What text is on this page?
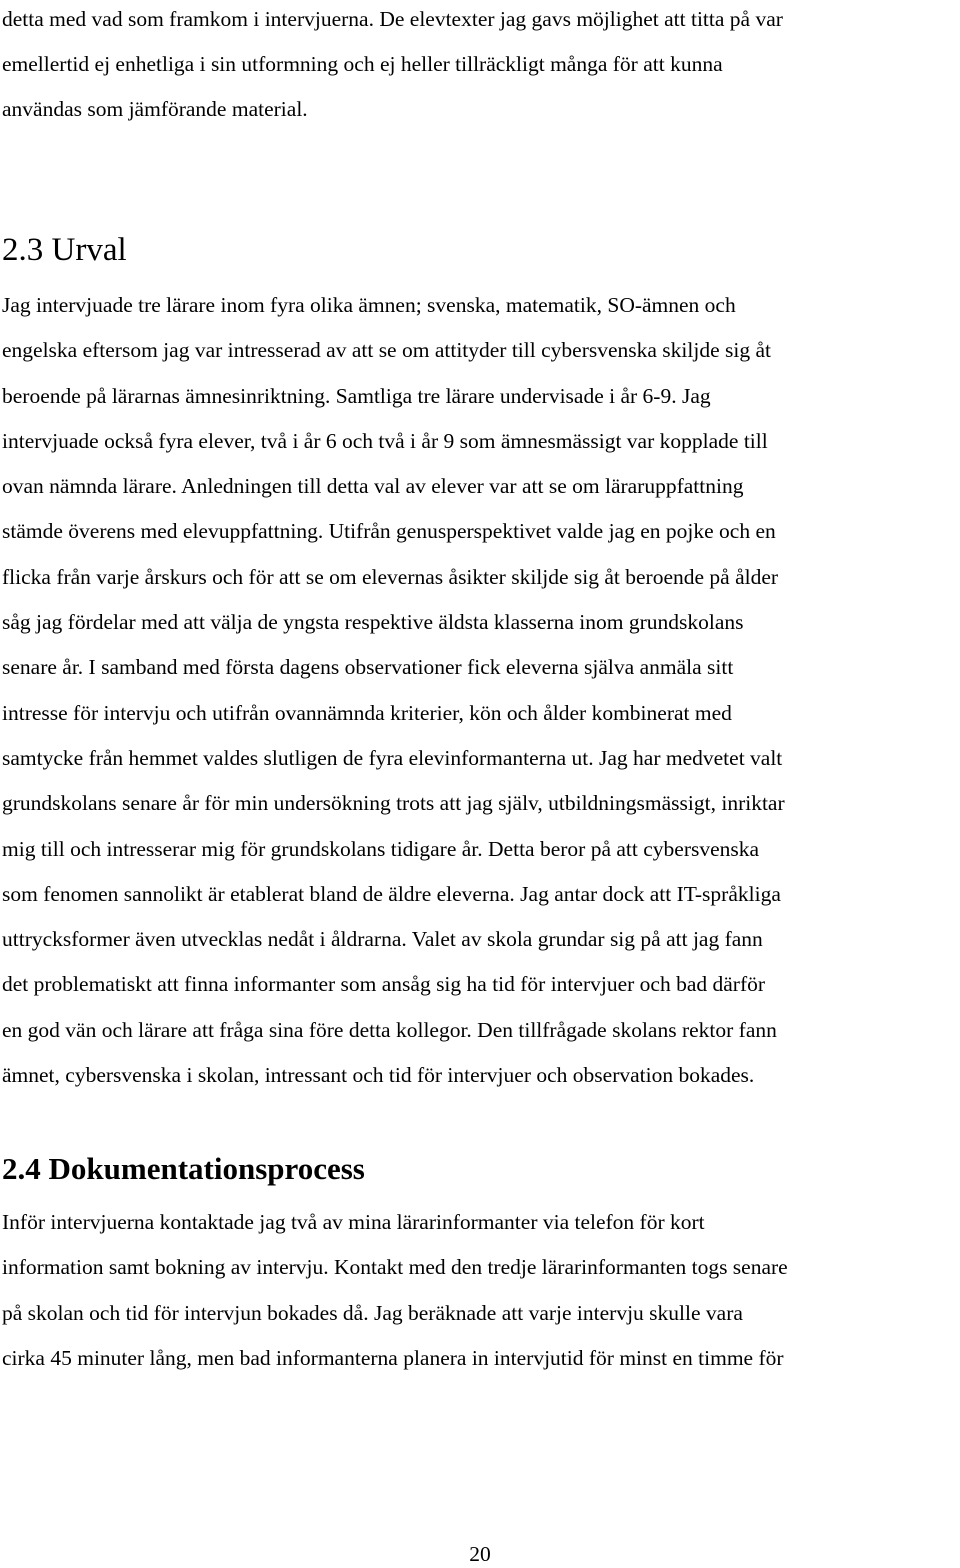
detta med vad som framkom i intervjuerna. De elevtexter jag gavs möjlighet att titta på var
emellertid ej enhetliga i sin utformning och ej heller tillräckligt många för att kunna
användas som jämförande material.
2.3 Urval
Jag intervjuade tre lärare inom fyra olika ämnen; svenska, matematik, SO-ämnen och
engelska eftersom jag var intresserad av att se om attityder till cybersvenska skiljde sig åt
beroende på lärarnas ämnesinriktning. Samtliga tre lärare undervisade i år 6-9. Jag
intervjuade också fyra elever, två i år 6 och två i år 9 som ämnesmässigt var kopplade till
ovan nämnda lärare. Anledningen till detta val av elever var att se om läraruppfattning
stämde överens med elevuppfattning. Utifrån genusperspektivet valde jag en pojke och en
flicka från varje årskurs och för att se om elevernas åsikter skiljde sig åt beroende på ålder
såg jag fördelar med att välja de yngsta respektive äldsta klasserna inom grundskolans
senare år. I samband med första dagens observationer fick eleverna själva anmäla sitt
intresse för intervju och utifrån ovannämnda kriterier, kön och ålder kombinerat med
samtycke från hemmet valdes slutligen de fyra elevinformanterna ut. Jag har medvetet valt
grundskolans senare år för min undersökning trots att jag själv, utbildningsmässigt, inriktar
mig till och intresserar mig för grundskolans tidigare år. Detta beror på att cybersvenska
som fenomen sannolikt är etablerat bland de äldre eleverna. Jag antar dock att IT-språkliga
uttrycksformer även utvecklas nedåt i åldrarna. Valet av skola grundar sig på att jag fann
det problematiskt att finna informanter som ansåg sig ha tid för intervjuer och bad därför
en god vän och lärare att fråga sina före detta kollegor. Den tillfrågade skolans rektor fann
ämnet, cybersvenska i skolan, intressant och tid för intervjuer och observation bokades.
2.4 Dokumentationsprocess
Inför intervjuerna kontaktade jag två av mina lärarinformanter via telefon för kort
information samt bokning av intervju. Kontakt med den tredje lärarinformanten togs senare
på skolan och tid för intervjun bokades då. Jag beräknade att varje intervju skulle vara
cirka 45 minuter lång, men bad informanterna planera in intervjutid för minst en timme för
20
